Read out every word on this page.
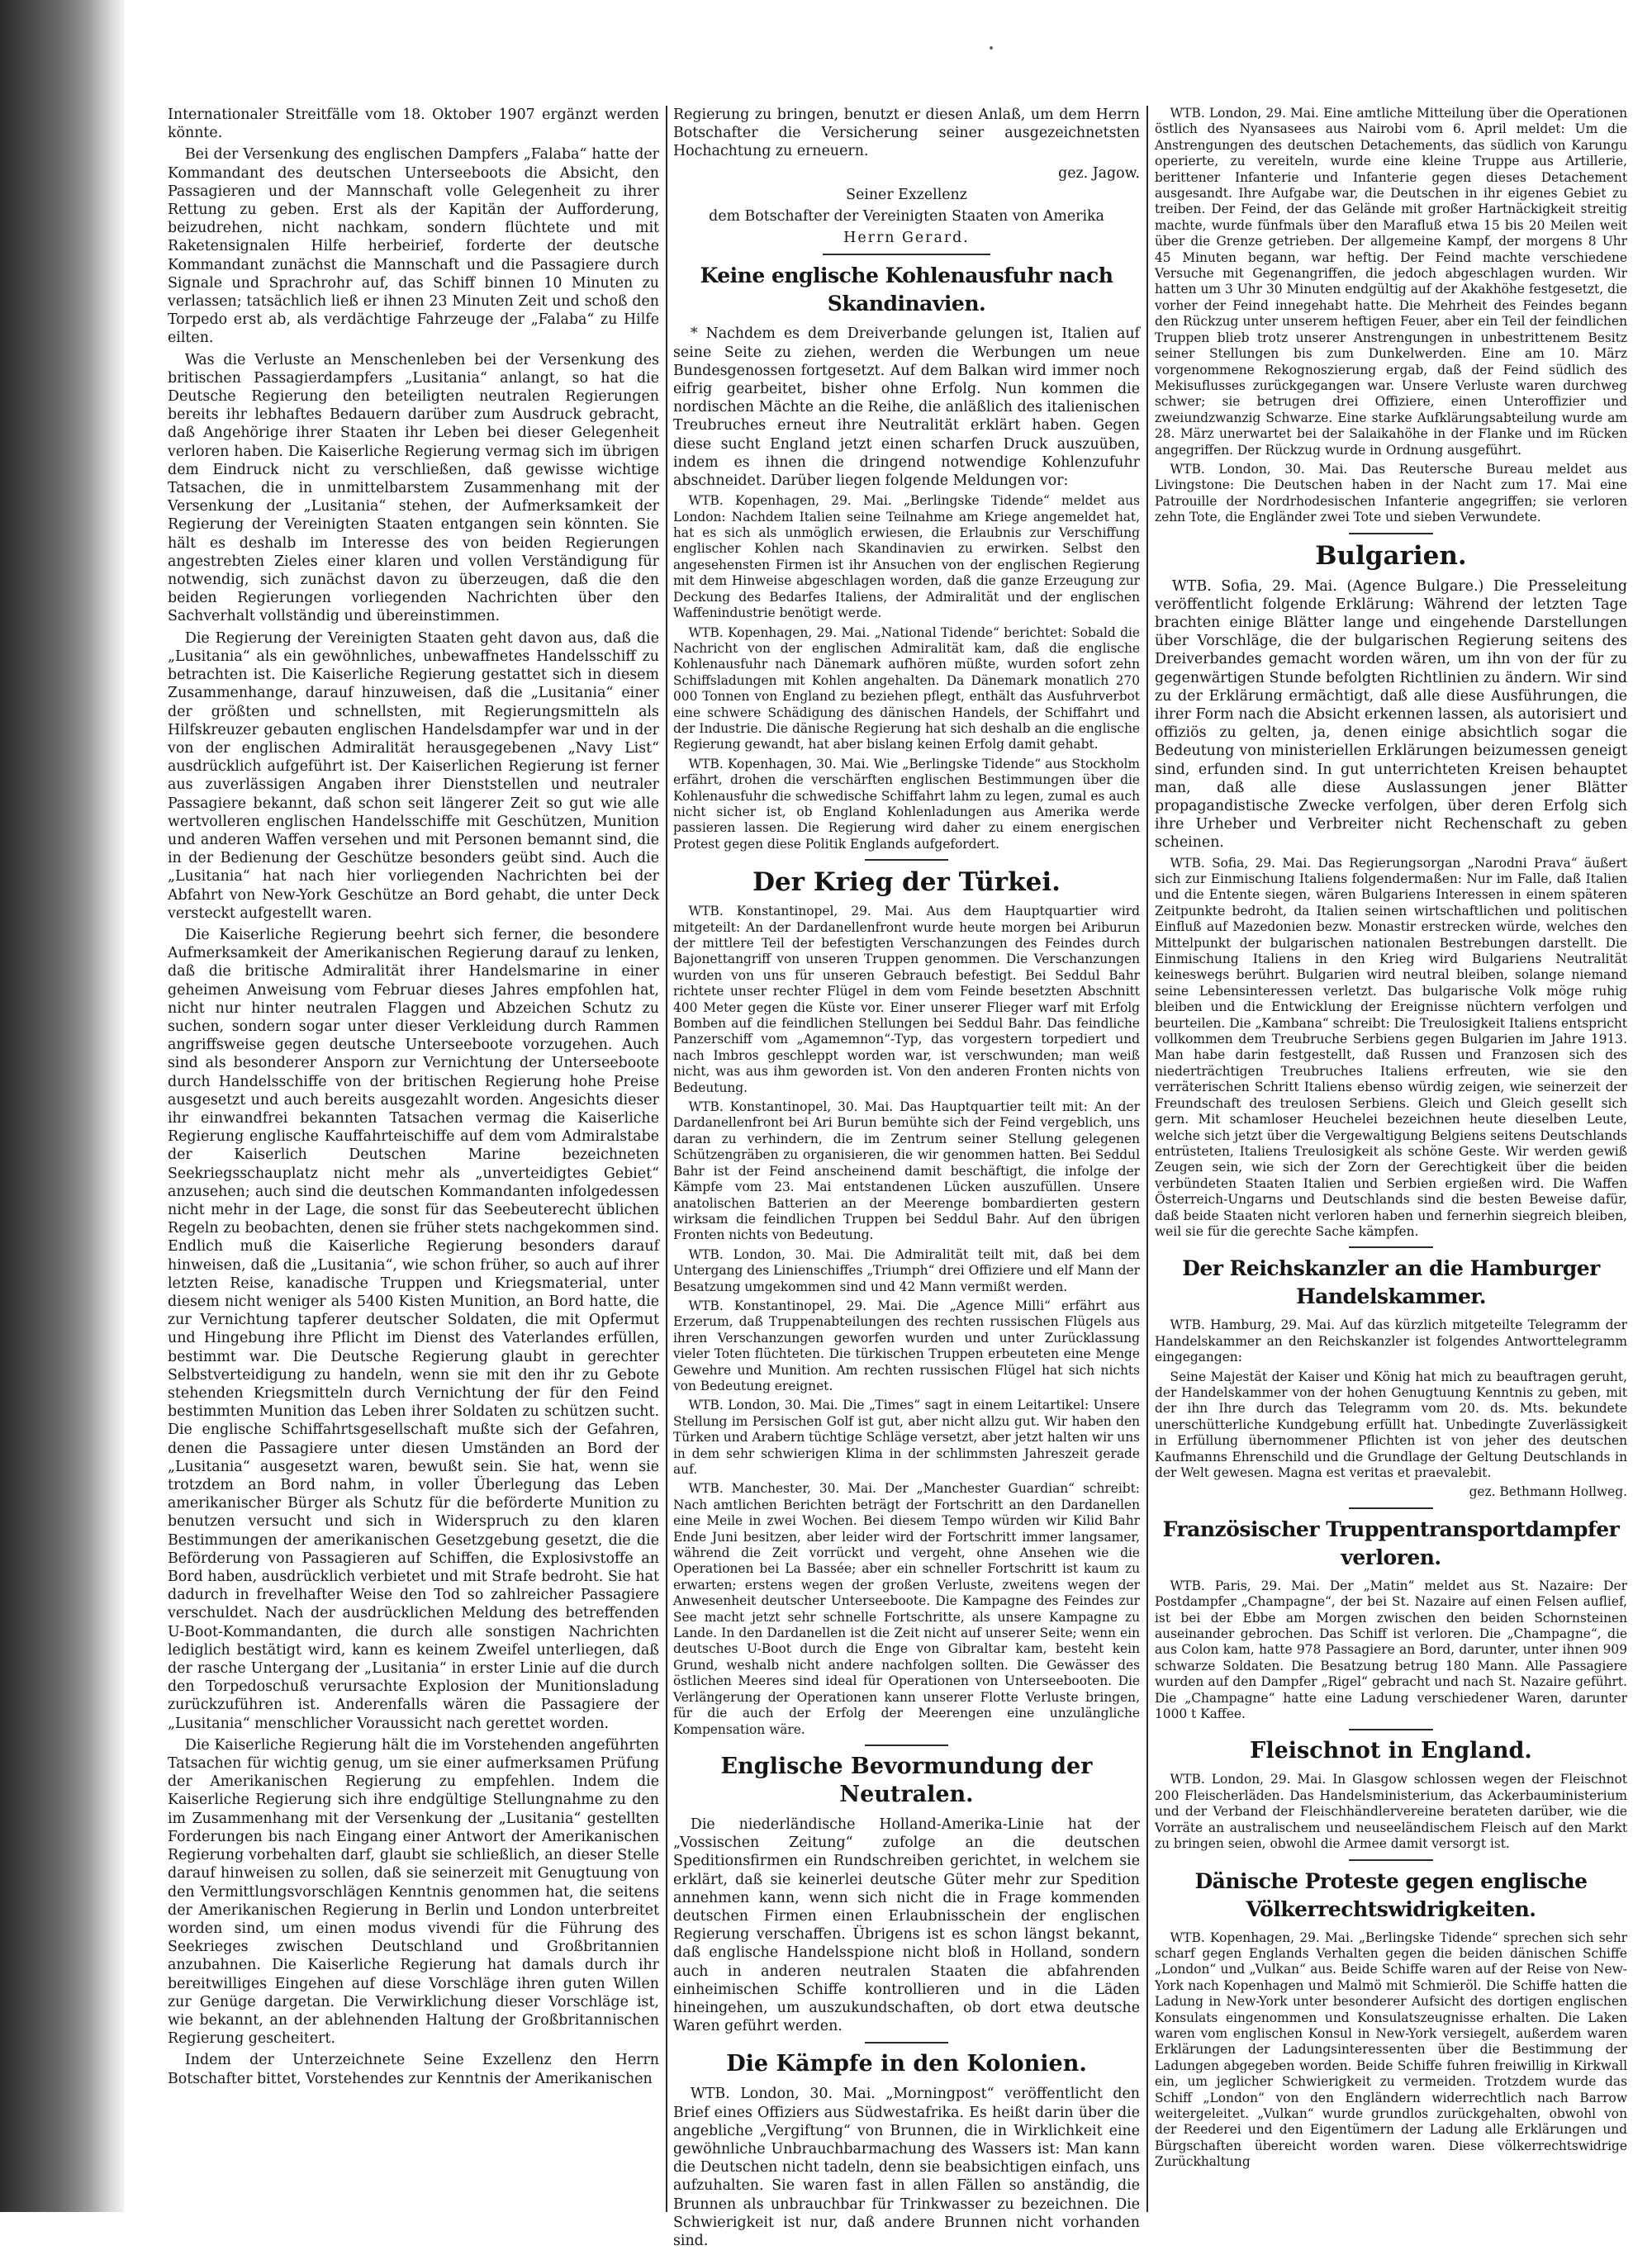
Internationaler Streitfälle vom 18. Oktober 1907 ergänzt werden könnte.

Bei der Versenkung des englischen Dampfers „Falaba“ hatte der Kommandant des deutschen Unterseeboots die Absicht, den Passagieren und der Mannschaft volle Gelegenheit zu ihrer Rettung zu geben. Erst als der Kapitän der Aufforderung, beizudrehen, nicht nachkam, sondern flüchtete und mit Raketensignalen Hilfe herbeirief, forderte der deutsche Kommandant zunächst die Mannschaft und die Passagiere durch Signale und Sprachrohr auf, das Schiff binnen 10 Minuten zu verlassen; tatsächlich ließ er ihnen 23 Minuten Zeit und schoß den Torpedo erst ab, als verdächtige Fahrzeuge der „Falaba“ zu Hilfe eilten.

Was die Verluste an Menschenleben bei der Versenkung des britischen Passagierdampfers „Lusitania“ anlangt, so hat die Deutsche Regierung den beteiligten neutralen Regierungen bereits ihr lebhaftes Bedauern darüber zum Ausdruck gebracht, daß Angehörige ihrer Staaten ihr Leben bei dieser Gelegenheit verloren haben. Die Kaiserliche Regierung vermag sich im übrigen dem Eindruck nicht zu verschließen, daß gewisse wichtige Tatsachen, die in unmittelbarstem Zusammenhang mit der Versenkung der „Lusitania“ stehen, der Aufmerksamkeit der Regierung der Vereinigten Staaten entgangen sein könnten. Sie hält es deshalb im Interesse des von beiden Regierungen angestrebten Zieles einer klaren und vollen Verständigung für notwendig, sich zunächst davon zu überzeugen, daß die den beiden Regierungen vorliegenden Nachrichten über den Sachverhalt vollständig und übereinstimmen.

Die Regierung der Vereinigten Staaten geht davon aus, daß die „Lusitania“ als ein gewöhnliches, unbewaffnetes Handelsschiff zu betrachten ist. Die Kaiserliche Regierung gestattet sich in diesem Zusammenhange, darauf hinzuweisen, daß die „Lusitania“ einer der größten und schnellsten, mit Regierungsmitteln als Hilfskreuzer gebauten englischen Handelsdampfer war und in der von der englischen Admiralität herausgegebenen „Navy List“ ausdrücklich aufgeführt ist. Der Kaiserlichen Regierung ist ferner aus zuverlässigen Angaben ihrer Dienststellen und neutraler Passagiere bekannt, daß schon seit längerer Zeit so gut wie alle wertvolleren englischen Handelsschiffe mit Geschützen, Munition und anderen Waffen versehen und mit Personen bemannt sind, die in der Bedienung der Geschütze besonders geübt sind. Auch die „Lusitania“ hat nach hier vorliegenden Nachrichten bei der Abfahrt von New-York Geschütze an Bord gehabt, die unter Deck versteckt aufgestellt waren.

Die Kaiserliche Regierung beehrt sich ferner, die besondere Aufmerksamkeit der Amerikanischen Regierung darauf zu lenken, daß die britische Admiralität ihrer Handelsmarine in einer geheimen Anweisung vom Februar dieses Jahres empfohlen hat, nicht nur hinter neutralen Flaggen und Abzeichen Schutz zu suchen, sondern sogar unter dieser Verkleidung durch Rammen angriffsweise gegen deutsche Unterseeboote vorzugehen. Auch sind als besonderer Ansporn zur Vernichtung der Unterseeboote durch Handelsschiffe von der britischen Regierung hohe Preise ausgesetzt und auch bereits ausgezahlt worden. Angesichts dieser ihr einwandfrei bekannten Tatsachen vermag die Kaiserliche Regierung englische Kauffahrteischiffe auf dem vom Admiralstabe der Kaiserlich Deutschen Marine bezeichneten Seekriegsschauplatz nicht mehr als „unverteidigtes Gebiet“ anzusehen; auch sind die deutschen Kommandanten infolgedessen nicht mehr in der Lage, die sonst für das Seebeuterecht üblichen Regeln zu beobachten, denen sie früher stets nachgekommen sind. Endlich muß die Kaiserliche Regierung besonders darauf hinweisen, daß die „Lusitania“, wie schon früher, so auch auf ihrer letzten Reise, kanadische Truppen und Kriegsmaterial, unter diesem nicht weniger als 5400 Kisten Munition, an Bord hatte, die zur Vernichtung tapferer deutscher Soldaten, die mit Opfermut und Hingebung ihre Pflicht im Dienst des Vaterlandes erfüllen, bestimmt war. Die Deutsche Regierung glaubt in gerechter Selbstverteidigung zu handeln, wenn sie mit den ihr zu Gebote stehenden Kriegsmitteln durch Vernichtung der für den Feind bestimmten Munition das Leben ihrer Soldaten zu schützen sucht. Die englische Schiffahrtsgesellschaft mußte sich der Gefahren, denen die Passagiere unter diesen Umständen an Bord der „Lusitania“ ausgesetzt waren, bewußt sein. Sie hat, wenn sie trotzdem an Bord nahm, in voller Überlegung das Leben amerikanischer Bürger als Schutz für die beförderte Munition zu benutzen versucht und sich in Widerspruch zu den klaren Bestimmungen der amerikanischen Gesetzgebung gesetzt, die die Beförderung von Passagieren auf Schiffen, die Explosivstoffe an Bord haben, ausdrücklich verbietet und mit Strafe bedroht. Sie hat dadurch in frevelhafter Weise den Tod so zahlreicher Passagiere verschuldet. Nach der ausdrücklichen Meldung des betreffenden U-Boot-Kommandanten, die durch alle sonstigen Nachrichten lediglich bestätigt wird, kann es keinem Zweifel unterliegen, daß der rasche Untergang der „Lusitania“ in erster Linie auf die durch den Torpedoschuß verursachte Explosion der Munitionsladung zurückzuführen ist. Anderenfalls wären die Passagiere der „Lusitania“ menschlicher Voraussicht nach gerettet worden.

Die Kaiserliche Regierung hält die im Vorstehenden angeführten Tatsachen für wichtig genug, um sie einer aufmerksamen Prüfung der Amerikanischen Regierung zu empfehlen. Indem die Kaiserliche Regierung sich ihre endgültige Stellungnahme zu den im Zusammenhang mit der Versenkung der „Lusitania“ gestellten Forderungen bis nach Eingang einer Antwort der Amerikanischen Regierung vorbehalten darf, glaubt sie schließlich, an dieser Stelle darauf hinweisen zu sollen, daß sie seinerzeit mit Genugtuung von den Vermittlungsvorschlägen Kenntnis genommen hat, die seitens der Amerikanischen Regierung in Berlin und London unterbreitet worden sind, um einen modus vivendi für die Führung des Seekrieges zwischen Deutschland und Großbritannien anzubahnen. Die Kaiserliche Regierung hat damals durch ihr bereitwilliges Eingehen auf diese Vorschläge ihren guten Willen zur Genüge dargetan. Die Verwirklichung dieser Vorschläge ist, wie bekannt, an der ablehnenden Haltung der Großbritannischen Regierung gescheitert.

Indem der Unterzeichnete Seine Exzellenz den Herrn Botschafter bittet, Vorstehendes zur Kenntnis der Amerikanischen

Regierung zu bringen, benutzt er diesen Anlaß, um dem Herrn Botschafter die Versicherung seiner ausgezeichnetsten Hochachtung zu erneuern.

gez. Jagow.

Seiner Exzellenz

dem Botschafter der Vereinigten Staaten von Amerika

Herrn Gerard.

Keine englische Kohlenausfuhr nach Skandinavien.

* Nachdem es dem Dreiverbande gelungen ist, Italien auf seine Seite zu ziehen, werden die Werbungen um neue Bundesgenossen fortgesetzt. Auf dem Balkan wird immer noch eifrig gearbeitet, bisher ohne Erfolg. Nun kommen die nordischen Mächte an die Reihe, die anläßlich des italienischen Treubruches erneut ihre Neutralität erklärt haben. Gegen diese sucht England jetzt einen scharfen Druck auszuüben, indem es ihnen die dringend notwendige Kohlenzufuhr abschneidet. Darüber liegen folgende Meldungen vor:

WTB. Kopenhagen, 29. Mai. „Berlingske Tidende“ meldet aus London: Nachdem Italien seine Teilnahme am Kriege angemeldet hat, hat es sich als unmöglich erwiesen, die Erlaubnis zur Verschiffung englischer Kohlen nach Skandinavien zu erwirken. Selbst den angesehensten Firmen ist ihr Ansuchen von der englischen Regierung mit dem Hinweise abgeschlagen worden, daß die ganze Erzeugung zur Deckung des Bedarfes Italiens, der Admiralität und der englischen Waffenindustrie benötigt werde.

WTB. Kopenhagen, 29. Mai. „National Tidende“ berichtet: Sobald die Nachricht von der englischen Admiralität kam, daß die englische Kohlenausfuhr nach Dänemark aufhören müßte, wurden sofort zehn Schiffsladungen mit Kohlen angehalten. Da Dänemark monatlich 270 000 Tonnen von England zu beziehen pflegt, enthält das Ausfuhrverbot eine schwere Schädigung des dänischen Handels, der Schiffahrt und der Industrie. Die dänische Regierung hat sich deshalb an die englische Regierung gewandt, hat aber bislang keinen Erfolg damit gehabt.

WTB. Kopenhagen, 30. Mai. Wie „Berlingske Tidende“ aus Stockholm erfährt, drohen die verschärften englischen Bestimmungen über die Kohlenausfuhr die schwedische Schiffahrt lahm zu legen, zumal es auch nicht sicher ist, ob England Kohlenladungen aus Amerika werde passieren lassen. Die Regierung wird daher zu einem energischen Protest gegen diese Politik Englands aufgefordert.

Der Krieg der Türkei.

WTB. Konstantinopel, 29. Mai. Aus dem Hauptquartier wird mitgeteilt: An der Dardanellenfront wurde heute morgen bei Ariburun der mittlere Teil der befestigten Verschanzungen des Feindes durch Bajonettangriff von unseren Truppen genommen. Die Verschanzungen wurden von uns für unseren Gebrauch befestigt. Bei Seddul Bahr richtete unser rechter Flügel in dem vom Feinde besetzten Abschnitt 400 Meter gegen die Küste vor. Einer unserer Flieger warf mit Erfolg Bomben auf die feindlichen Stellungen bei Seddul Bahr. Das feindliche Panzerschiff vom „Agamemnon“-Typ, das vorgestern torpediert und nach Imbros geschleppt worden war, ist verschwunden; man weiß nicht, was aus ihm geworden ist. Von den anderen Fronten nichts von Bedeutung.

WTB. Konstantinopel, 30. Mai. Das Hauptquartier teilt mit: An der Dardanellenfront bei Ari Burun bemühte sich der Feind vergeblich, uns daran zu verhindern, die im Zentrum seiner Stellung gelegenen Schützengräben zu organisieren, die wir genommen hatten. Bei Seddul Bahr ist der Feind anscheinend damit beschäftigt, die infolge der Kämpfe vom 23. Mai entstandenen Lücken auszufüllen. Unsere anatolischen Batterien an der Meerenge bombardierten gestern wirksam die feindlichen Truppen bei Seddul Bahr. Auf den übrigen Fronten nichts von Bedeutung.

WTB. London, 30. Mai. Die Admiralität teilt mit, daß bei dem Untergang des Linienschiffes „Triumph“ drei Offiziere und elf Mann der Besatzung umgekommen sind und 42 Mann vermißt werden.

WTB. Konstantinopel, 29. Mai. Die „Agence Milli“ erfährt aus Erzerum, daß Truppenabteilungen des rechten russischen Flügels aus ihren Verschanzungen geworfen wurden und unter Zurücklassung vieler Toten flüchteten. Die türkischen Truppen erbeuteten eine Menge Gewehre und Munition. Am rechten russischen Flügel hat sich nichts von Bedeutung ereignet.

WTB. London, 30. Mai. Die „Times“ sagt in einem Leitartikel: Unsere Stellung im Persischen Golf ist gut, aber nicht allzu gut. Wir haben den Türken und Arabern tüchtige Schläge versetzt, aber jetzt halten wir uns in dem sehr schwierigen Klima in der schlimmsten Jahreszeit gerade auf.

WTB. Manchester, 30. Mai. Der „Manchester Guardian“ schreibt: Nach amtlichen Berichten beträgt der Fortschritt an den Dardanellen eine Meile in zwei Wochen. Bei diesem Tempo würden wir Kilid Bahr Ende Juni besitzen, aber leider wird der Fortschritt immer langsamer, während die Zeit vorrückt und vergeht, ohne Ansehen wie die Operationen bei La Bassée; aber ein schneller Fortschritt ist kaum zu erwarten; erstens wegen der großen Verluste, zweitens wegen der Anwesenheit deutscher Unterseeboote. Die Kampagne des Feindes zur See macht jetzt sehr schnelle Fortschritte, als unsere Kampagne zu Lande. In den Dardanellen ist die Zeit nicht auf unserer Seite; wenn ein deutsches U-Boot durch die Enge von Gibraltar kam, besteht kein Grund, weshalb nicht andere nachfolgen sollten. Die Gewässer des östlichen Meeres sind ideal für Operationen von Unterseebooten. Die Verlängerung der Operationen kann unserer Flotte Verluste bringen, für die auch der Erfolg der Meerengen eine unzulängliche Kompensation wäre.

Englische Bevormundung der Neutralen.

Die niederländische Holland-Amerika-Linie hat der „Vossischen Zeitung“ zufolge an die deutschen Speditionsfirmen ein Rundschreiben gerichtet, in welchem sie erklärt, daß sie keinerlei deutsche Güter mehr zur Spedition annehmen kann, wenn sich nicht die in Frage kommenden deutschen Firmen einen Erlaubnisschein der englischen Regierung verschaffen. Übrigens ist es schon längst bekannt, daß englische Handelsspione nicht bloß in Holland, sondern auch in anderen neutralen Staaten die abfahrenden einheimischen Schiffe kontrollieren und in die Läden hineingehen, um auszukundschaften, ob dort etwa deutsche Waren geführt werden.

Die Kämpfe in den Kolonien.

WTB. London, 30. Mai. „Morningpost“ veröffentlicht den Brief eines Offiziers aus Südwestafrika. Es heißt darin über die angebliche „Vergiftung“ von Brunnen, die in Wirklichkeit eine gewöhnliche Unbrauchbarmachung des Wassers ist: Man kann die Deutschen nicht tadeln, denn sie beabsichtigen einfach, uns aufzuhalten. Sie waren fast in allen Fällen so anständig, die Brunnen als unbrauchbar für Trinkwasser zu bezeichnen. Die Schwierigkeit ist nur, daß andere Brunnen nicht vorhanden sind.

WTB. London, 29. Mai. Eine amtliche Mitteilung über die Operationen östlich des Nyansasees aus Nairobi vom 6. April meldet: Um die Anstrengungen des deutschen Detachements, das südlich von Karungu operierte, zu vereiteln, wurde eine kleine Truppe aus Artillerie, berittener Infanterie und Infanterie gegen dieses Detachement ausgesandt. Ihre Aufgabe war, die Deutschen in ihr eigenes Gebiet zu treiben. Der Feind, der das Gelände mit großer Hartnäckigkeit streitig machte, wurde fünfmals über den Marafluß etwa 15 bis 20 Meilen weit über die Grenze getrieben. Der allgemeine Kampf, der morgens 8 Uhr 45 Minuten begann, war heftig. Der Feind machte verschiedene Versuche mit Gegenangriffen, die jedoch abgeschlagen wurden. Wir hatten um 3 Uhr 30 Minuten endgültig auf der Akakhöhe festgesetzt, die vorher der Feind innegehabt hatte. Die Mehrheit des Feindes begann den Rückzug unter unserem heftigen Feuer, aber ein Teil der feindlichen Truppen blieb trotz unserer Anstrengungen in unbestrittenem Besitz seiner Stellungen bis zum Dunkelwerden. Eine am 10. März vorgenommene Rekognoszierung ergab, daß der Feind südlich des Mekisuflusses zurückgegangen war. Unsere Verluste waren durchweg schwer; sie betrugen drei Offiziere, einen Unteroffizier und zweiundzwanzig Schwarze. Eine starke Aufklärungsabteilung wurde am 28. März unerwartet bei der Salaikahöhe in der Flanke und im Rücken angegriffen. Der Rückzug wurde in Ordnung ausgeführt.

WTB. London, 30. Mai. Das Reutersche Bureau meldet aus Livingstone: Die Deutschen haben in der Nacht zum 17. Mai eine Patrouille der Nordrhodesischen Infanterie angegriffen; sie verloren zehn Tote, die Engländer zwei Tote und sieben Verwundete.

Bulgarien.

WTB. Sofia, 29. Mai. (Agence Bulgare.) Die Presseleitung veröffentlicht folgende Erklärung: Während der letzten Tage brachten einige Blätter lange und eingehende Darstellungen über Vorschläge, die der bulgarischen Regierung seitens des Dreiverbandes gemacht worden wären, um ihn von der für zu gegenwärtigen Stunde befolgten Richtlinien zu ändern. Wir sind zu der Erklärung ermächtigt, daß alle diese Ausführungen, die ihrer Form nach die Absicht erkennen lassen, als autorisiert und offiziös zu gelten, ja, denen einige absichtlich sogar die Bedeutung von ministeriellen Erklärungen beizumessen geneigt sind, erfunden sind. In gut unterrichteten Kreisen behauptet man, daß alle diese Auslassungen jener Blätter propagandistische Zwecke verfolgen, über deren Erfolg sich ihre Urheber und Verbreiter nicht Rechenschaft zu geben scheinen.

WTB. Sofia, 29. Mai. Das Regierungsorgan „Narodni Prava“ äußert sich zur Einmischung Italiens folgendermaßen: Nur im Falle, daß Italien und die Entente siegen, wären Bulgariens Interessen in einem späteren Zeitpunkte bedroht, da Italien seinen wirtschaftlichen und politischen Einfluß auf Mazedonien bezw. Monastir erstrecken würde, welches den Mittelpunkt der bulgarischen nationalen Bestrebungen darstellt. Die Einmischung Italiens in den Krieg wird Bulgariens Neutralität keineswegs berührt. Bulgarien wird neutral bleiben, solange niemand seine Lebensinteressen verletzt. Das bulgarische Volk möge ruhig bleiben und die Entwicklung der Ereignisse nüchtern verfolgen und beurteilen. Die „Kambana“ schreibt: Die Treulosigkeit Italiens entspricht vollkommen dem Treubruche Serbiens gegen Bulgarien im Jahre 1913. Man habe darin festgestellt, daß Russen und Franzosen sich des niederträchtigen Treubruches Italiens erfreuten, wie sie den verräterischen Schritt Italiens ebenso würdig zeigen, wie seinerzeit der Freundschaft des treulosen Serbiens. Gleich und Gleich gesellt sich gern. Mit schamloser Heuchelei bezeichnen heute dieselben Leute, welche sich jetzt über die Vergewaltigung Belgiens seitens Deutschlands entrüsteten, Italiens Treulosigkeit als schöne Geste. Wir werden gewiß Zeugen sein, wie sich der Zorn der Gerechtigkeit über die beiden verbündeten Staaten Italien und Serbien ergießen wird. Die Waffen Österreich-Ungarns und Deutschlands sind die besten Beweise dafür, daß beide Staaten nicht verloren haben und fernerhin siegreich bleiben, weil sie für die gerechte Sache kämpfen.

Der Reichskanzler an die Hamburger Handelskammer.

WTB. Hamburg, 29. Mai. Auf das kürzlich mitgeteilte Telegramm der Handelskammer an den Reichskanzler ist folgendes Antworttelegramm eingegangen:

Seine Majestät der Kaiser und König hat mich zu beauftragen geruht, der Handelskammer von der hohen Genugtuung Kenntnis zu geben, mit der ihn Ihre durch das Telegramm vom 20. ds. Mts. bekundete unerschütterliche Kundgebung erfüllt hat. Unbedingte Zuverlässigkeit in Erfüllung übernommener Pflichten ist von jeher des deutschen Kaufmanns Ehrenschild und die Grundlage der Geltung Deutschlands in der Welt gewesen. Magna est veritas et praevalebit.

gez. Bethmann Hollweg.

Französischer Truppentransportdampfer verloren.

WTB. Paris, 29. Mai. Der „Matin“ meldet aus St. Nazaire: Der Postdampfer „Champagne“, der bei St. Nazaire auf einen Felsen auflief, ist bei der Ebbe am Morgen zwischen den beiden Schornsteinen auseinander gebrochen. Das Schiff ist verloren. Die „Champagne“, die aus Colon kam, hatte 978 Passagiere an Bord, darunter, unter ihnen 909 schwarze Soldaten. Die Besatzung betrug 180 Mann. Alle Passagiere wurden auf den Dampfer „Rigel“ gebracht und nach St. Nazaire geführt. Die „Champagne“ hatte eine Ladung verschiedener Waren, darunter 1000 t Kaffee.

Fleischnot in England.

WTB. London, 29. Mai. In Glasgow schlossen wegen der Fleischnot 200 Fleischerläden. Das Handelsministerium, das Ackerbauministerium und der Verband der Fleischhändlervereine berateten darüber, wie die Vorräte an australischem und neuseeländischem Fleisch auf den Markt zu bringen seien, obwohl die Armee damit versorgt ist.

Dänische Proteste gegen englische Völkerrechtswidrigkeiten.

WTB. Kopenhagen, 29. Mai. „Berlingske Tidende“ sprechen sich sehr scharf gegen Englands Verhalten gegen die beiden dänischen Schiffe „London“ und „Vulkan“ aus. Beide Schiffe waren auf der Reise von New-York nach Kopenhagen und Malmö mit Schmieröl. Die Schiffe hatten die Ladung in New-York unter besonderer Aufsicht des dortigen englischen Konsulats eingenommen und Konsulatszeugnisse erhalten. Die Laken waren vom englischen Konsul in New-York versiegelt, außerdem waren Erklärungen der Ladungsinteressenten über die Bestimmung der Ladungen abgegeben worden. Beide Schiffe fuhren freiwillig in Kirkwall ein, um jeglicher Schwierigkeit zu vermeiden. Trotzdem wurde das Schiff „London“ von den Engländern widerrechtlich nach Barrow weitergeleitet. „Vulkan“ wurde grundlos zurückgehalten, obwohl von der Reederei und den Eigentümern der Ladung alle Erklärungen und Bürgschaften übereicht worden waren. Diese völkerrechtswidrige Zurückhaltung
